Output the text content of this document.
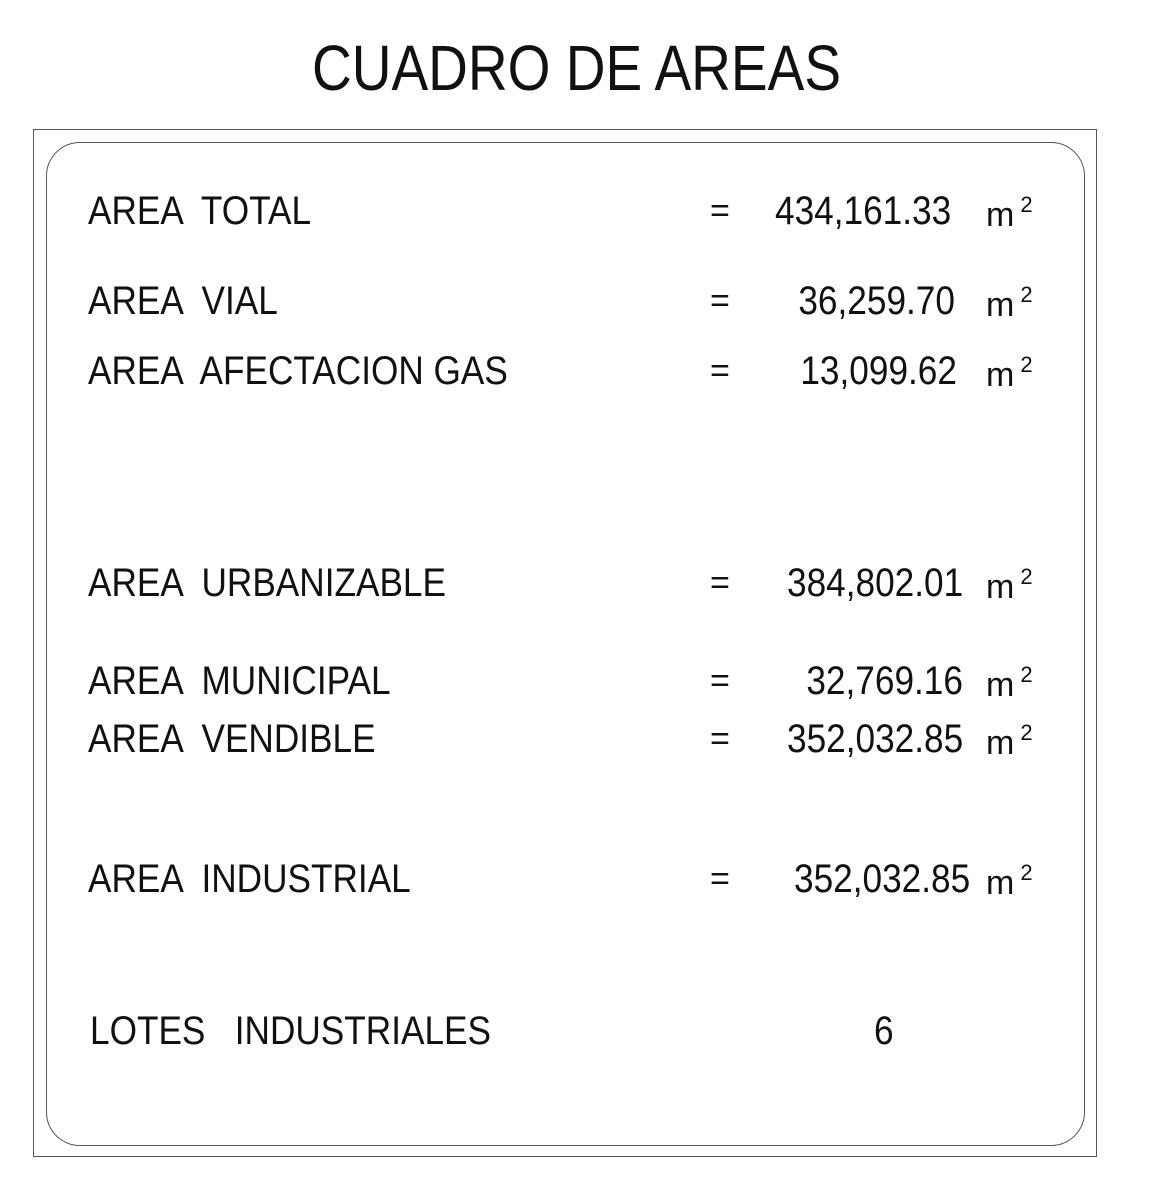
CUADRO DE AREAS
AREA  TOTAL	= 434,161.33 m $^2$
AREA  VIAL	= 36,259.70 m $^2$
AREA  AFECTACION GAS	= 13,099.62 m $^2$
AREA  URBANIZABLE	= 384,802.01 m $^2$
AREA  MUNICIPAL	= 32,769.16 m $^2$
AREA  VENDIBLE	= 352,032.85 m $^2$
AREA  INDUSTRIAL	= 352,032.85 m $^2$
LOTES   INDUSTRIALES	6
